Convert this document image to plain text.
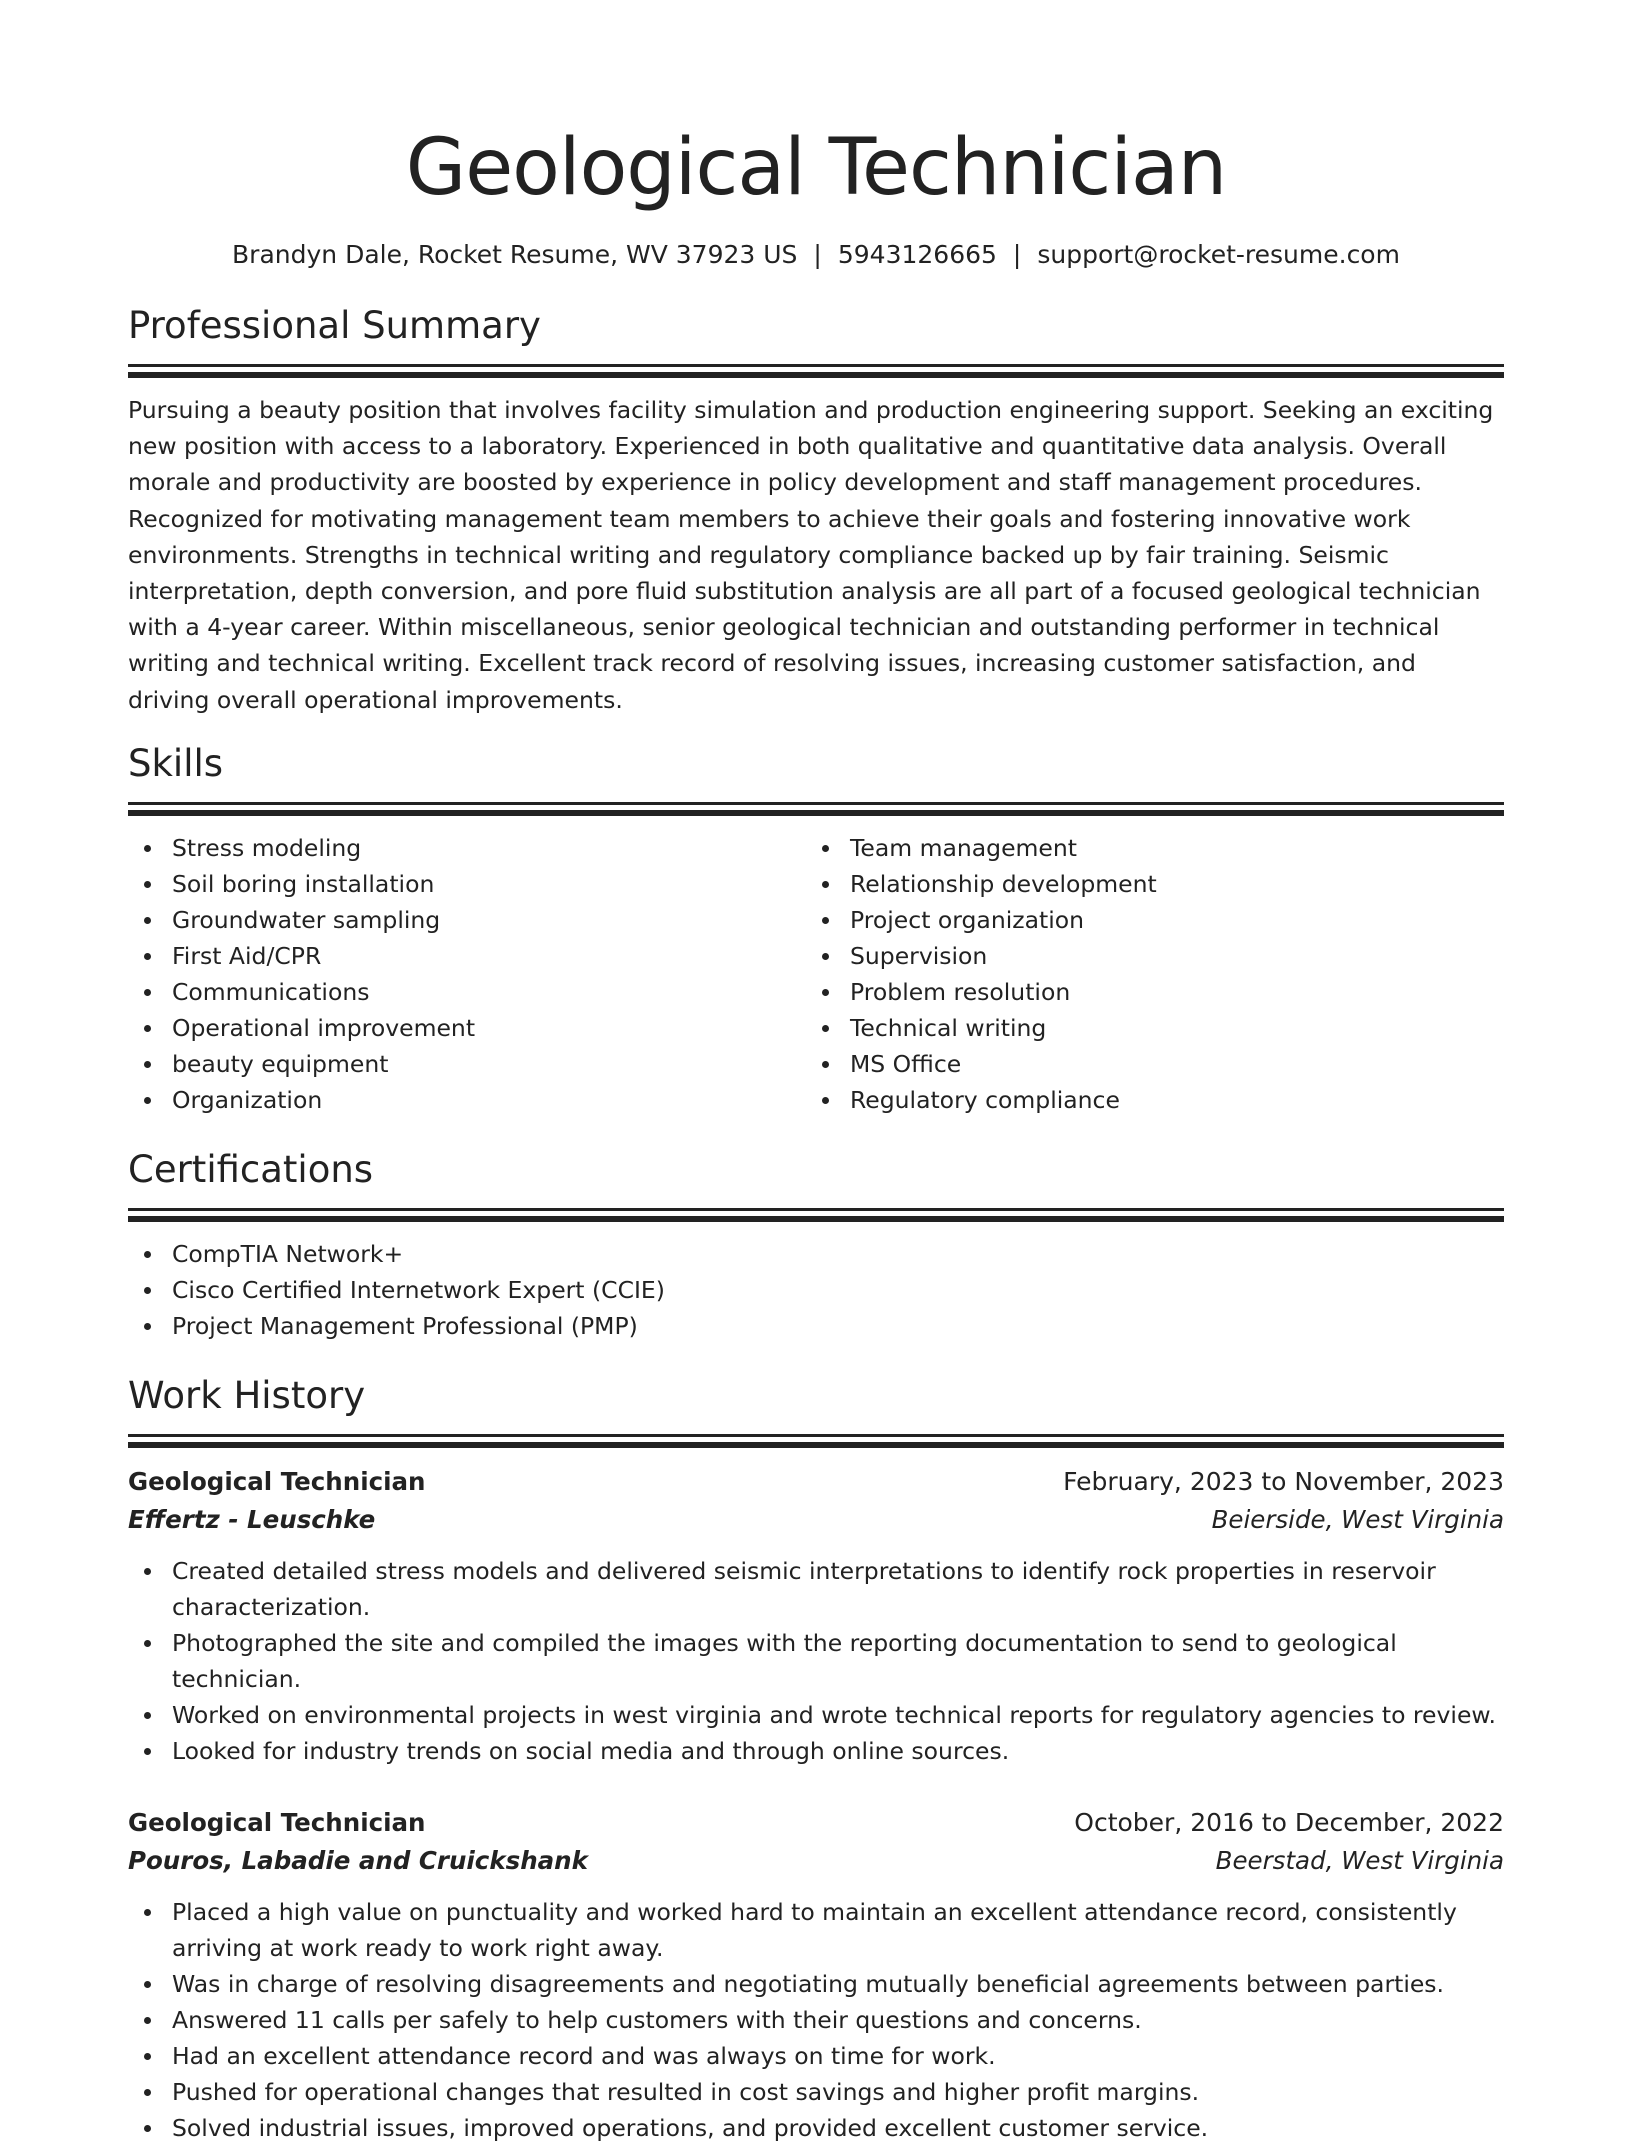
Geological Technician
Brandyn Dale, Rocket Resume, WV 37923 US | 5943126665 | support@rocket-resume.com
Professional Summary
Pursuing a beauty position that involves facility simulation and production engineering support. Seeking an exciting new position with access to a laboratory. Experienced in both qualitative and quantitative data analysis. Overall morale and productivity are boosted by experience in policy development and staff management procedures. Recognized for motivating management team members to achieve their goals and fostering innovative work environments. Strengths in technical writing and regulatory compliance backed up by fair training. Seismic interpretation, depth conversion, and pore fluid substitution analysis are all part of a focused geological technician with a 4-year career. Within miscellaneous, senior geological technician and outstanding performer in technical writing and technical writing. Excellent track record of resolving issues, increasing customer satisfaction, and driving overall operational improvements.
Skills
Stress modeling
Soil boring installation
Groundwater sampling
First Aid/CPR
Communications
Operational improvement
beauty equipment
Organization
Team management
Relationship development
Project organization
Supervision
Problem resolution
Technical writing
MS Office
Regulatory compliance
Certifications
CompTIA Network+
Cisco Certified Internetwork Expert (CCIE)
Project Management Professional (PMP)
Work History
Geological Technician	February, 2023 to November, 2023
Effertz - Leuschke	Beierside, West Virginia
Created detailed stress models and delivered seismic interpretations to identify rock properties in reservoir characterization.
Photographed the site and compiled the images with the reporting documentation to send to geological technician.
Worked on environmental projects in west virginia and wrote technical reports for regulatory agencies to review.
Looked for industry trends on social media and through online sources.
Geological Technician	October, 2016 to December, 2022
Pouros, Labadie and Cruickshank	Beerstad, West Virginia
Placed a high value on punctuality and worked hard to maintain an excellent attendance record, consistently arriving at work ready to work right away.
Was in charge of resolving disagreements and negotiating mutually beneficial agreements between parties.
Answered 11 calls per safely to help customers with their questions and concerns.
Had an excellent attendance record and was always on time for work.
Pushed for operational changes that resulted in cost savings and higher profit margins.
Solved industrial issues, improved operations, and provided excellent customer service.
